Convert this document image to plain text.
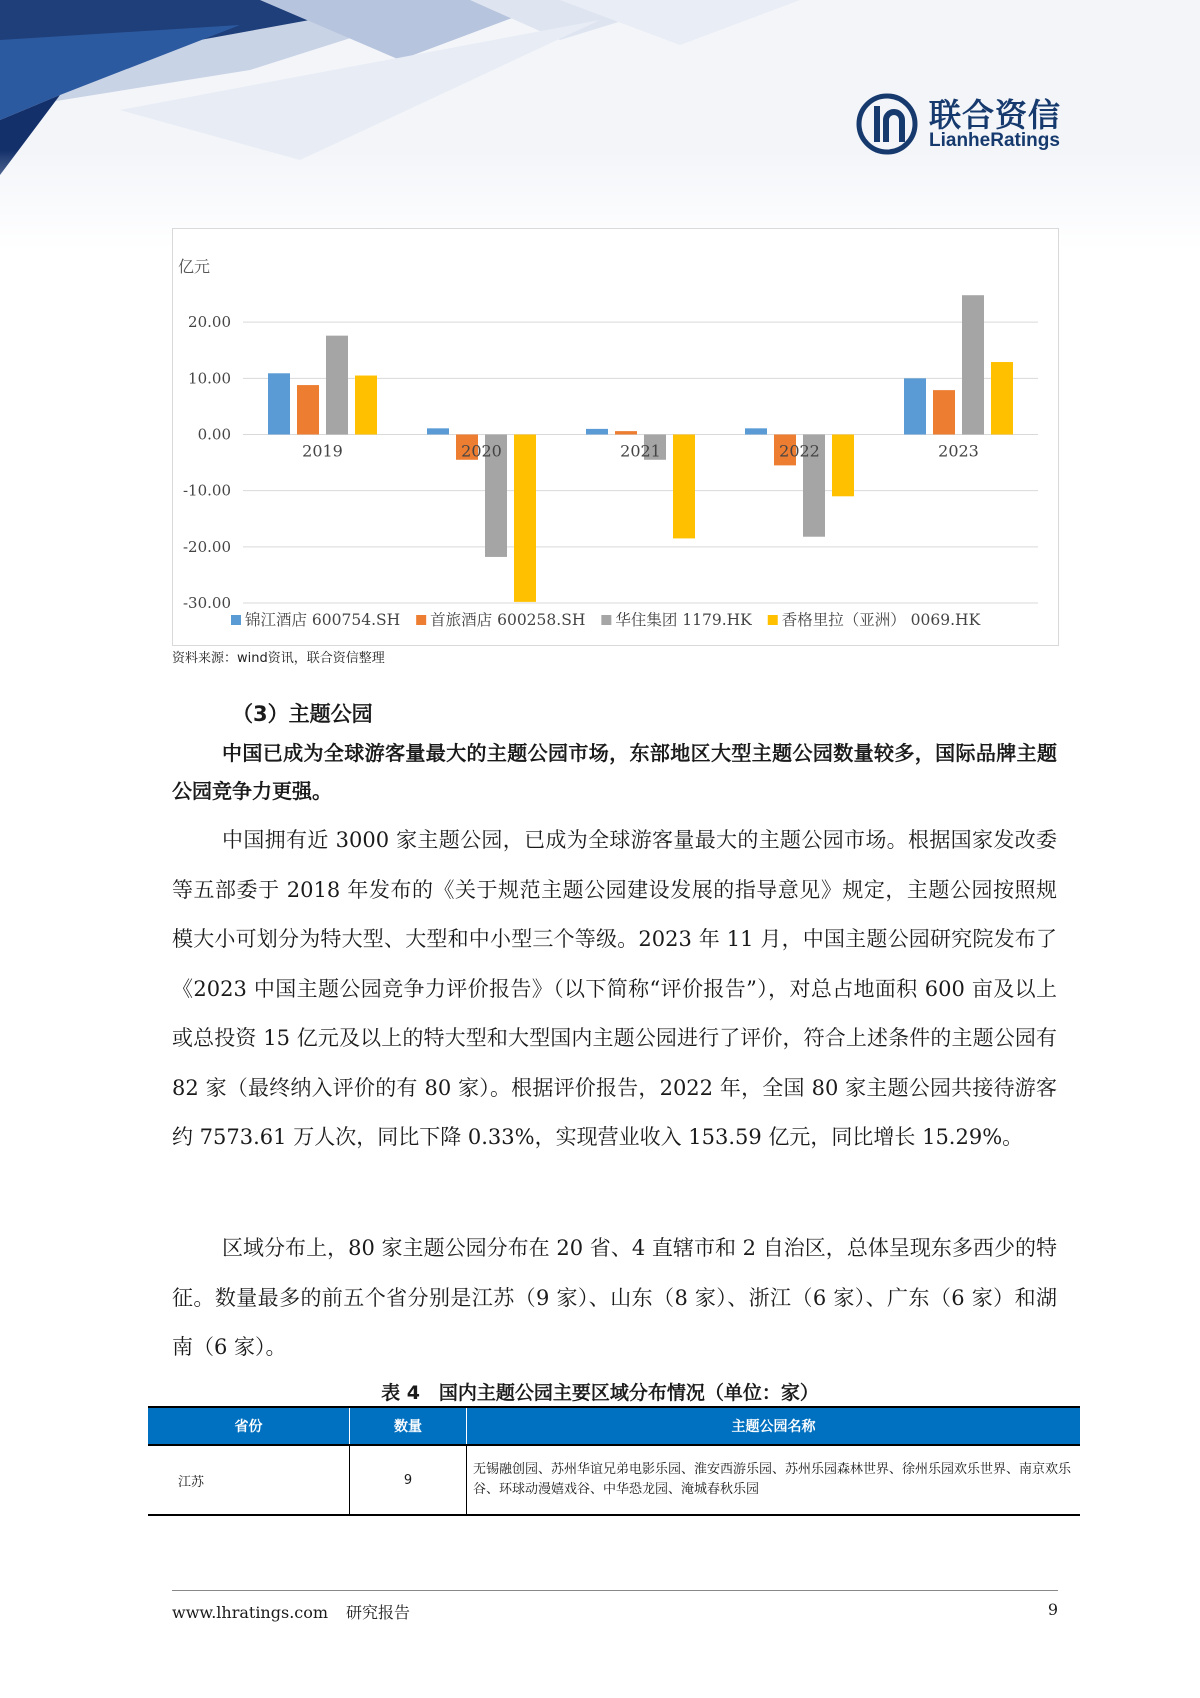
联合资信
LianheRatings
20.00
10.00
0.00
-10.00
-20.00
-30.00
2019	2020	2021	2022	2023
锦江酒店 600754.SH 首旅酒店 600258.SH 华住集团 1179.HK 香格里拉（亚洲） 0069.HK
亿元
资料来源：wind资讯，联合资信整理
（3）主题公园
中国已成为全球游客量最大的主题公园市场，东部地区大型主题公园数量较多，国际品牌主题公园竞争力更强。
中国拥有近 3000 家主题公园，已成为全球游客量最大的主题公园市场。根据国家发改委等五部委于 2018 年发布的《关于规范主题公园建设发展的指导意见》规定，主题公园按照规模大小可划分为特大型、大型和中小型三个等级。2023 年 11 月，中国主题公园研究院发布了《2023 中国主题公园竞争力评价报告》（以下简称“评价报告”），对总占地面积 600 亩及以上或总投资 15 亿元及以上的特大型和大型国内主题公园进行了评价，符合上述条件的主题公园有 82 家（最终纳入评价的有 80 家）。根据评价报告，2022 年，全国 80 家主题公园共接待游客约 7573.61 万人次，同比下降 0.33%，实现营业收入 153.59 亿元，同比增长 15.29%。
区域分布上，80 家主题公园分布在 20 省、4 直辖市和 2 自治区，总体呈现东多西少的特征。数量最多的前五个省分别是江苏（9 家）、山东（8 家）、浙江（6 家）、广东（6 家）和湖南（6 家）。
表 4　国内主题公园主要区域分布情况（单位：家）
省份	数量	主题公园名称
江苏	9	无锡融创园、苏州华谊兄弟电影乐园、淮安西游乐园、苏州乐园森林世界、徐州乐园欢乐世界、南京欢乐谷、环球动漫嬉戏谷、中华恐龙园、淹城春秋乐园
www.lhratings.com 研究报告	9
